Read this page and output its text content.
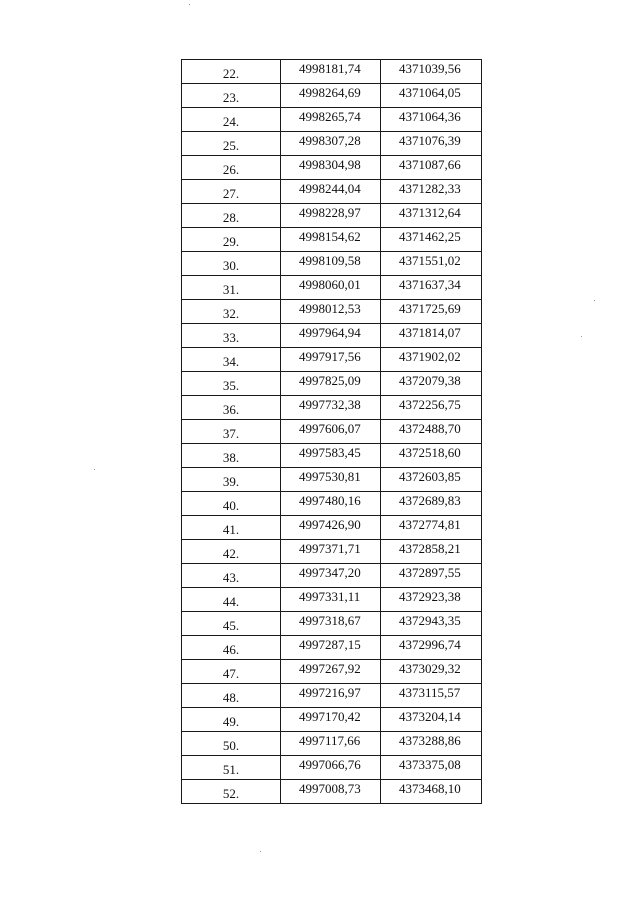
22.	4998181,74	4371039,56
23.	4998264,69	4371064,05
24.	4998265,74	4371064,36
25.	4998307,28	4371076,39
26.	4998304,98	4371087,66
27.	4998244,04	4371282,33
28.	4998228,97	4371312,64
29.	4998154,62	4371462,25
30.	4998109,58	4371551,02
31.	4998060,01	4371637,34
32.	4998012,53	4371725,69
33.	4997964,94	4371814,07
34.	4997917,56	4371902,02
35.	4997825,09	4372079,38
36.	4997732,38	4372256,75
37.	4997606,07	4372488,70
38.	4997583,45	4372518,60
39.	4997530,81	4372603,85
40.	4997480,16	4372689,83
41.	4997426,90	4372774,81
42.	4997371,71	4372858,21
43.	4997347,20	4372897,55
44.	4997331,11	4372923,38
45.	4997318,67	4372943,35
46.	4997287,15	4372996,74
47.	4997267,92	4373029,32
48.	4997216,97	4373115,57
49.	4997170,42	4373204,14
50.	4997117,66	4373288,86
51.	4997066,76	4373375,08
52.	4997008,73	4373468,10
